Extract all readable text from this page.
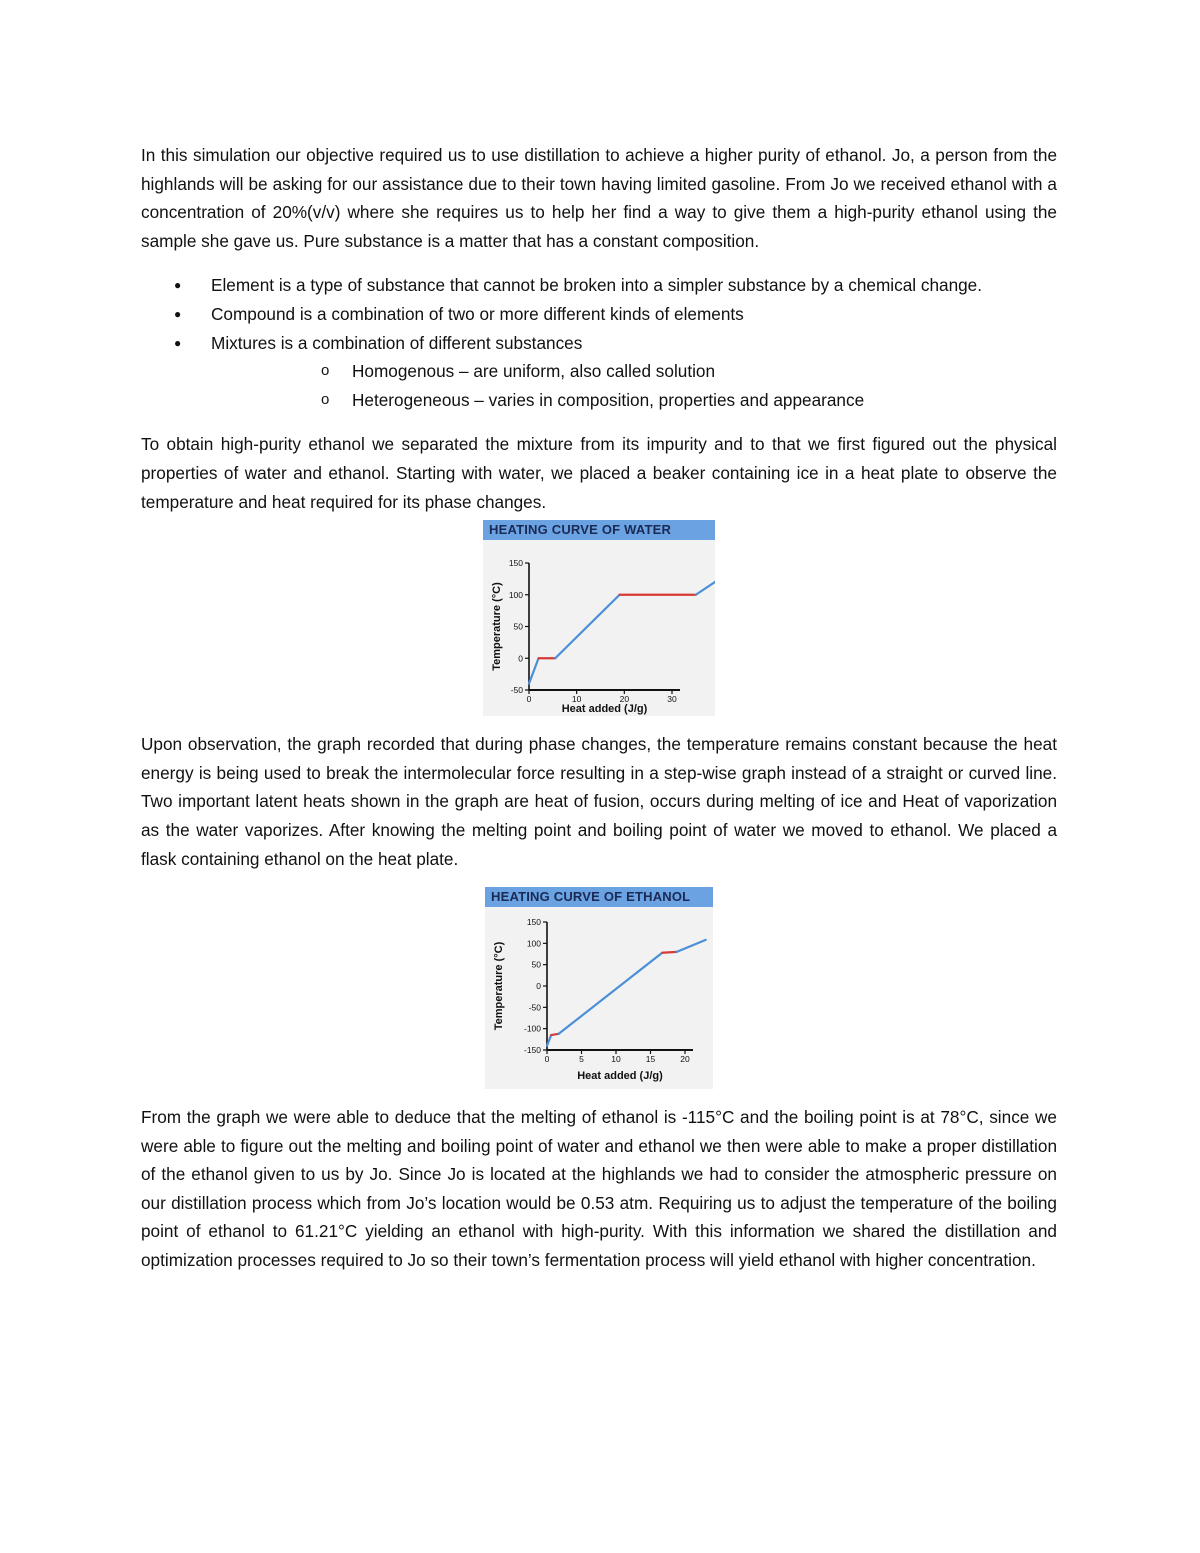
In this simulation our objective required us to use distillation to achieve a higher purity of ethanol. Jo, a person from the highlands will be asking for our assistance due to their town having limited gasoline. From Jo we received ethanol with a concentration of 20%(v/v) where she requires us to help her find a way to give them a high-purity ethanol using the sample she gave us. Pure substance is a matter that has a constant composition.

● Element is a type of substance that cannot be broken into a simpler substance by a chemical change.
● Compound is a combination of two or more different kinds of elements
● Mixtures is a combination of different substances
o Homogenous – are uniform, also called solution
o Heterogeneous – varies in composition, properties and appearance

To obtain high-purity ethanol we separated the mixture from its impurity and to that we first figured out the physical properties of water and ethanol. Starting with water, we placed a beaker containing ice in a heat plate to observe the temperature and heat required for its phase changes.

HEATING CURVE OF WATER
150
100
50
0
-50
0	10	20	30
Temperature (°C)
Heat added (J/g)

Upon observation, the graph recorded that during phase changes, the temperature remains constant because the heat energy is being used to break the intermolecular force resulting in a step-wise graph instead of a straight or curved line. Two important latent heats shown in the graph are heat of fusion, occurs during melting of ice and Heat of vaporization as the water vaporizes. After knowing the melting point and boiling point of water we moved to ethanol. We placed a flask containing ethanol on the heat plate.

HEATING CURVE OF ETHANOL
150
100
50
0
-50
-100
-150
0	5	10	15	20
Temperature (°C)
Heat added (J/g)

From the graph we were able to deduce that the melting of ethanol is -115°C and the boiling point is at 78°C, since we were able to figure out the melting and boiling point of water and ethanol we then were able to make a proper distillation of the ethanol given to us by Jo. Since Jo is located at the highlands we had to consider the atmospheric pressure on our distillation process which from Jo’s location would be 0.53 atm. Requiring us to adjust the temperature of the boiling point of ethanol to 61.21°C yielding an ethanol with high-purity. With this information we shared the distillation and optimization processes required to Jo so their town’s fermentation process will yield ethanol with higher concentration.
